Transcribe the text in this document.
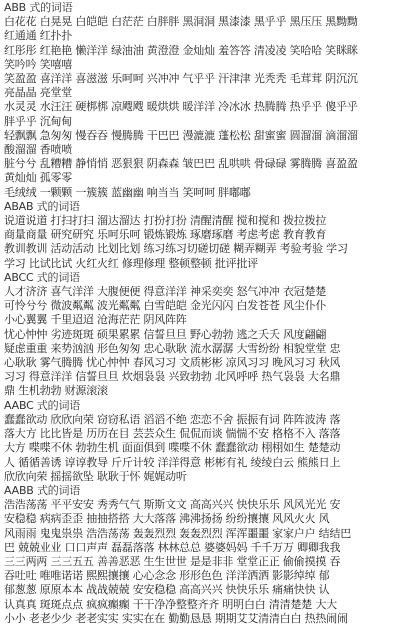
ABB 式的词语
白花花 白晃晃 白皑皑 白茫茫 白胖胖 黑洞洞 黑漆漆 黑乎乎 黑压压 黑黝黝
红通通 红扑扑
红彤彤 红艳艳 懒洋洋 绿油油 黄澄澄 金灿灿 羞答答 清凌凌 笑哈哈 笑眯眯
笑吟吟 笑嘻嘻
笑盈盈 喜洋洋 喜滋滋 乐呵呵 兴冲冲 气乎乎 汗津津 光秃秃 毛茸茸 阴沉沉
亮晶晶 亮堂堂
水灵灵 水汪汪 硬梆梆 凉飕飕 暖烘烘 暖洋洋 冷冰冰 热腾腾 热乎乎 傻乎乎
胖乎乎 沉甸甸
轻飘飘 急匆匆 慢吞吞 慢腾腾 干巴巴 漫漉漉 蓬松松 甜蜜蜜 圆溜溜 滴溜溜
酸溜溜 香喷喷
脏兮兮 乱糟糟 静悄悄 恶狠狠 阴森森 皱巴巴 乱哄哄 骨碌碌 雾腾腾 喜盈盈
黄灿灿 孤零零
毛绒绒 一颗颗 一簇簇 蓝幽幽 响当当 笑呵呵 胖嘟嘟
ABAB 式的词语
说道说道 打扫打扫 溜达溜达 打扮打扮 清醒清醒 搅和搅和 拨拉拨拉
商量商量 研究研究 乐呵乐呵 锻炼锻炼 琢磨琢磨 考虑考虑 教育教育
教训教训 活动活动 比划比划 练习练习切磋切磋 糊弄糊弄 考验考验 学习
学习 比试比试 火红火红 修理修理 整顿整顿 批评批评
ABCC 式的词语
人才济济 喜气洋洋 大腹便便 得意洋洋 神采奕奕 怒气冲冲 衣冠楚楚
可怜兮兮 微波粼粼 波光粼粼 白雪皑皑 金光闪闪 白发苍苍 风尘仆仆
小心翼翼 千里迢迢 沧海茫茫 阴风阵阵
忧心忡忡 劣迹斑斑 硕果累累 信誓旦旦 野心勃勃 逃之夭夭 风度翩翩
疑虑重重 来势汹汹 形色匆匆 忠心耿耿 流水潺潺 大雪纷纷 相貌堂堂 忠
心耿耿 雾气腾腾 忧心忡忡 春风习习 文质彬彬 凉风习习 晚风习习 秋风
习习 得意洋洋 信誓旦旦 炊烟袅袅 兴致勃勃 北风呼呼 热气袅袅 大名鼎
鼎 生机勃勃 财源滚滚
AABC 式的词语
蠢蠢欲动 欣欣向荣 窃窃私语 滔滔不绝 恋恋不舍 振振有词 阵阵波涛 落
落大方 比比皆是 历历在目 芸芸众生 侃侃而谈 惴惴不安 格格不入 落落
大方 喋喋不休 勃勃生机 面面俱到 喋喋不休 蠢蠢欲动 栩栩如生 楚楚动
人 循循善诱 谆谆教导 斤斤计较 洋洋得意 彬彬有礼 绫绫白云 熊熊日上
欣欣向荣 摇摇欲坠 耿耿于怀 娓娓动听
AABB 式的词语
浩浩荡荡 平平安安 秀秀气气 斯斯文文 高高兴兴 快快乐乐 风风光光 安
安稳稳 病病歪歪 抽抽搭搭 大大落落 沸沸扬扬 纷纷攘攘 风风火火 风
风雨雨 鬼鬼祟祟 浩浩荡荡 轰轰烈烈 轰轰烈烈 浑浑噩噩 家家户户 结结巴
巴 兢兢业业 口口声声 磊磊落落 林林总总 婆婆妈妈 千千万万 卿卿我我
三三两两 三三五五 善善恶恶 生生世世 是是非非 堂堂正正 偷偷摸摸 吞
吞吐吐 唯唯诺诺 熙熙攘攘 心心念念 形形色色 洋洋洒洒 影影绰绰 郁
郁葱葱 原原本本 战战兢兢 安安稳稳 高高兴兴 快快乐乐 痛痛快快 认
认真真 斑斑点点 疯疯癫癫 干干净净整整齐齐 明明白白 清清楚楚 大大
小小 老老少少 老老实实 实实在在 勤勤恳恳 期期艾艾清清白白 热热闹闹
